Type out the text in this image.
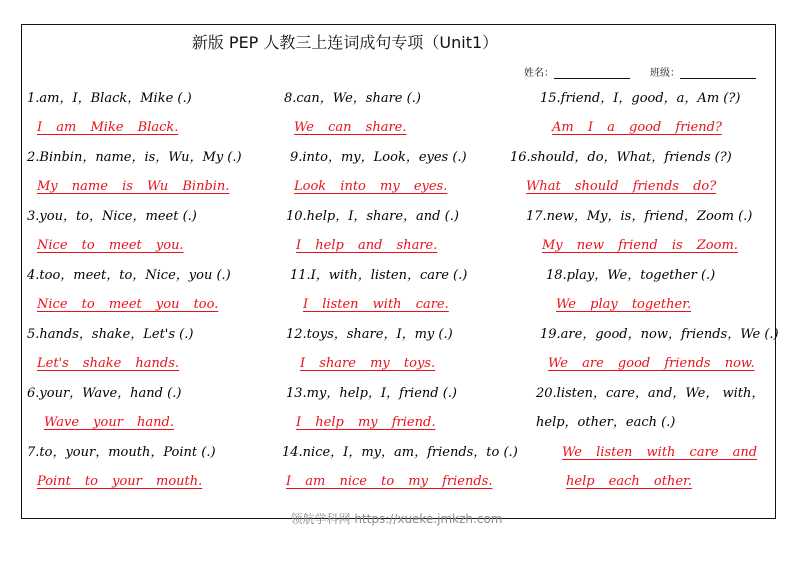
新版 PEP 人教三上连词成句专项（Unit1）
姓名：	班级：
1.am，I，Black，Mike (.)
I am Mike Black.
2.Binbin，name，is，Wu，My (.)
My name is Wu Binbin.
3.you，to，Nice，meet (.)
Nice to meet you.
4.too，meet，to，Nice，you (.)
Nice to meet you too.
5.hands，shake，Let's (.)
Let's shake hands.
6.your，Wave，hand (.)
Wave your hand.
7.to，your，mouth，Point (.)
Point to your mouth.
8.can，We，share (.)
We can share.
9.into，my，Look，eyes (.)
Look into my eyes.
10.help，I，share，and (.)
I help and share.
11.I，with，listen，care (.)
I listen with care.
12.toys，share，I，my (.)
I share my toys.
13.my，help，I，friend (.)
I help my friend.
14.nice，I，my，am，friends，to (.)
I am nice to my friends.
15.friend，I，good，a，Am (?)
Am I a good friend?
16.should，do，What，friends (?)
What should friends do?
17.new，My，is，friend，Zoom (.)
My new friend is Zoom.
18.play，We，together (.)
We play together.
19.are，good，now，friends，We (.)
We are good friends now.
20.listen，care，and，We， with，
help，other，each (.)
We listen with care and
help each other.
领航学科网 https://xueke.jmkzh.com
